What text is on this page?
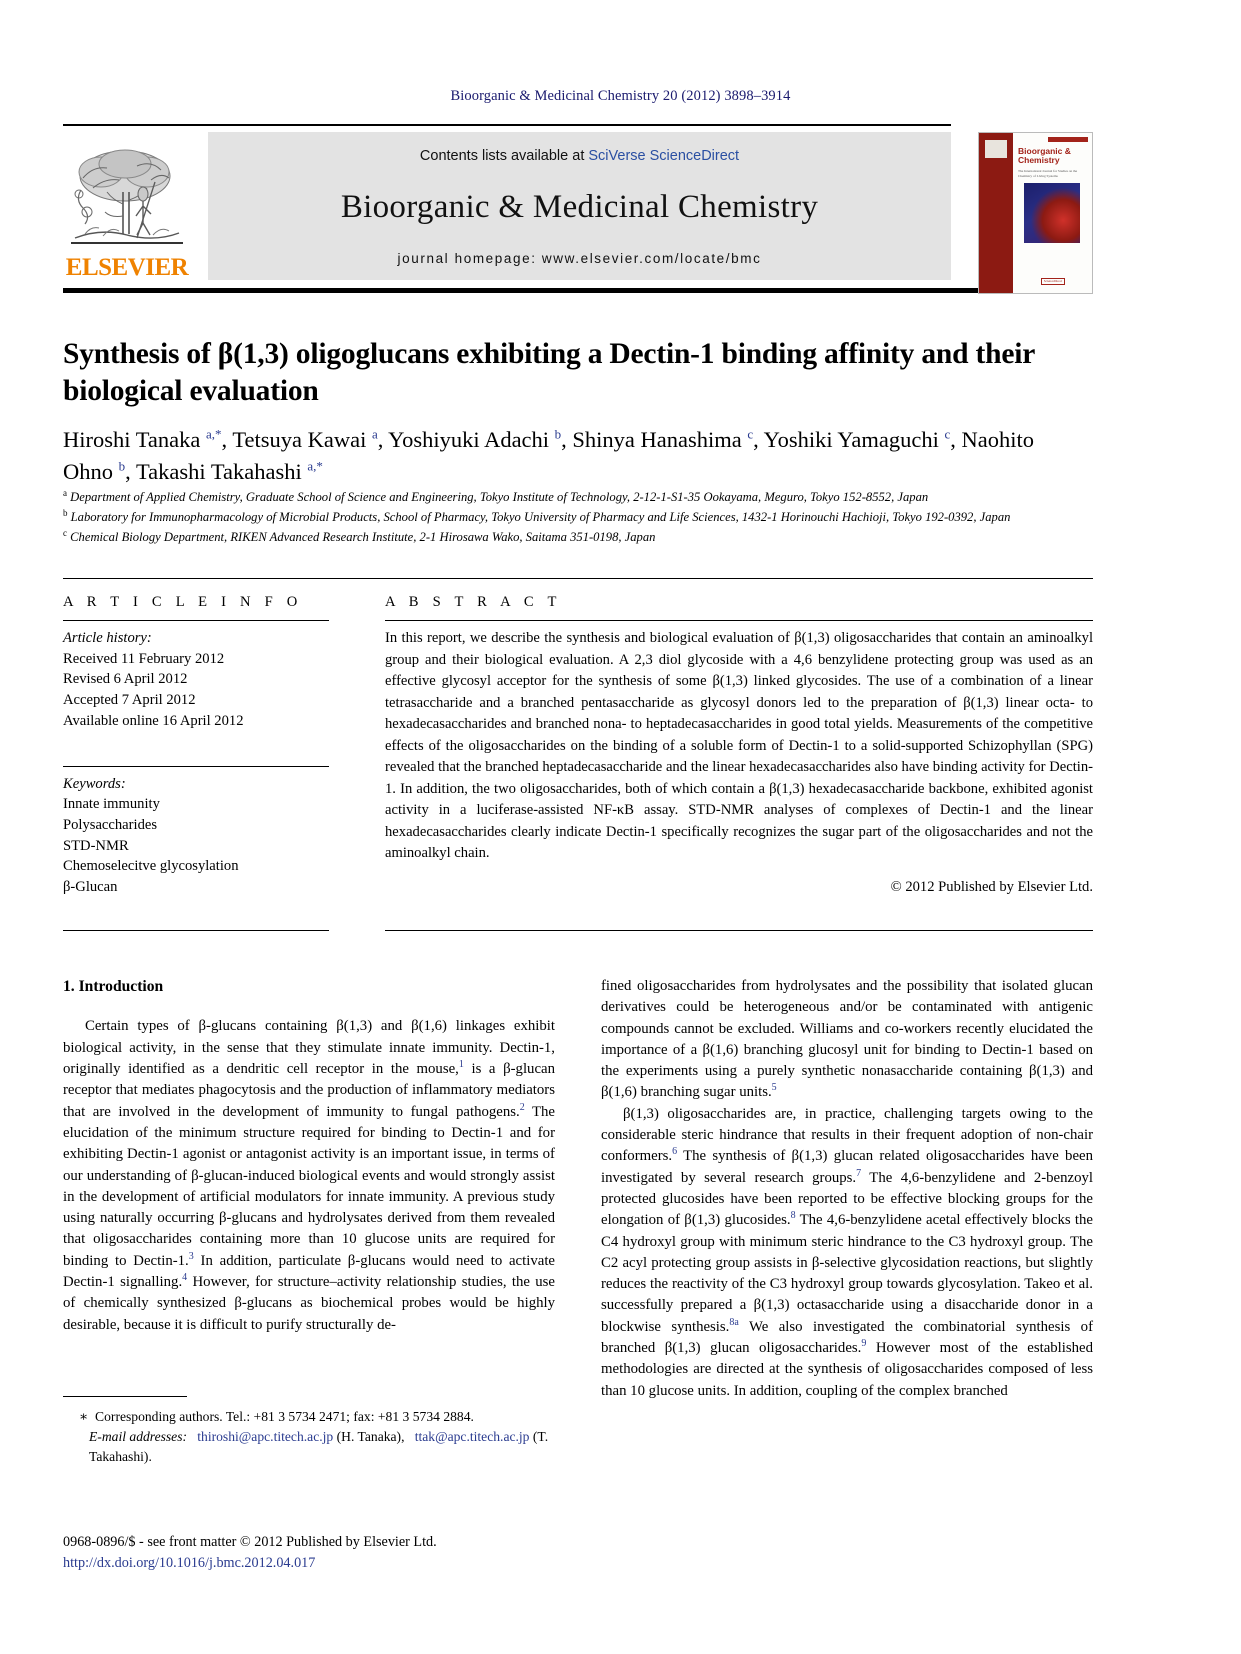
Bioorganic & Medicinal Chemistry 20 (2012) 3898–3914
ELSEVIER
Contents lists available at SciVerse ScienceDirect
Bioorganic & Medicinal Chemistry
journal homepage: www.elsevier.com/locate/bmc
Bioorganic &
Chemistry
The International Journal for Studies on the Chemistry of Living Systems
ScienceDirect
Synthesis of β(1,3) oligoglucans exhibiting a Dectin-1 binding affinity and their biological evaluation
Hiroshi Tanaka $^{a,*}$, Tetsuya Kawai $^a$, Yoshiyuki Adachi $^b$, Shinya Hanashima $^c$, Yoshiki Yamaguchi $^c$, Naohito Ohno $^b$, Takashi Takahashi $^{a,*}$
$^a$ Department of Applied Chemistry, Graduate School of Science and Engineering, Tokyo Institute of Technology, 2-12-1-S1-35 Ookayama, Meguro, Tokyo 152-8552, Japan
$^b$ Laboratory for Immunopharmacology of Microbial Products, School of Pharmacy, Tokyo University of Pharmacy and Life Sciences, 1432-1 Horinouchi Hachioji, Tokyo 192-0392, Japan
$^c$ Chemical Biology Department, RIKEN Advanced Research Institute, 2-1 Hirosawa Wako, Saitama 351-0198, Japan
A R T I C L E I N F O
Article history:
Received 11 February 2012
Revised 6 April 2012
Accepted 7 April 2012
Available online 16 April 2012
Keywords:
Innate immunity
Polysaccharides
STD-NMR
Chemoselecitve glycosylation
β-Glucan
A B S T R A C T
In this report, we describe the synthesis and biological evaluation of β(1,3) oligosaccharides that contain an aminoalkyl group and their biological evaluation. A 2,3 diol glycoside with a 4,6 benzylidene protecting group was used as an effective glycosyl acceptor for the synthesis of some β(1,3) linked glycosides. The use of a combination of a linear tetrasaccharide and a branched pentasaccharide as glycosyl donors led to the preparation of β(1,3) linear octa- to hexadecasaccharides and branched nona- to heptadecasaccharides in good total yields. Measurements of the competitive effects of the oligosaccharides on the binding of a soluble form of Dectin-1 to a solid-supported Schizophyllan (SPG) revealed that the branched heptadecasaccharide and the linear hexadecasaccharides also have binding activity for Dectin-1. In addition, the two oligosaccharides, both of which contain a β(1,3) hexadecasaccharide backbone, exhibited agonist activity in a luciferase-assisted NF-κB assay. STD-NMR analyses of complexes of Dectin-1 and the linear hexadecasaccharides clearly indicate Dectin-1 specifically recognizes the sugar part of the oligosaccharides and not the aminoalkyl chain.
© 2012 Published by Elsevier Ltd.
1. Introduction

Certain types of β-glucans containing β(1,3) and β(1,6) linkages exhibit biological activity, in the sense that they stimulate innate immunity. Dectin-1, originally identified as a dendritic cell receptor in the mouse,$^1$ is a β-glucan receptor that mediates phagocytosis and the production of inflammatory mediators that are involved in the development of immunity to fungal pathogens.$^2$ The elucidation of the minimum structure required for binding to Dectin-1 and for exhibiting Dectin-1 agonist or antagonist activity is an important issue, in terms of our understanding of β-glucan-induced biological events and would strongly assist in the development of artificial modulators for innate immunity. A previous study using naturally occurring β-glucans and hydrolysates derived from them revealed that oligosaccharides containing more than 10 glucose units are required for binding to Dectin-1.$^3$ In addition, particulate β-glucans would need to activate Dectin-1 signalling.$^4$ However, for structure–activity relationship studies, the use of chemically synthesized β-glucans as biochemical probes would be highly desirable, because it is difficult to purify structurally de-

fined oligosaccharides from hydrolysates and the possibility that isolated glucan derivatives could be heterogeneous and/or be contaminated with antigenic compounds cannot be excluded. Williams and co-workers recently elucidated the importance of a β(1,6) branching glucosyl unit for binding to Dectin-1 based on the experiments using a purely synthetic nonasaccharide containing β(1,3) and β(1,6) branching sugar units.$^5$

β(1,3) oligosaccharides are, in practice, challenging targets owing to the considerable steric hindrance that results in their frequent adoption of non-chair conformers.$^6$ The synthesis of β(1,3) glucan related oligosaccharides have been investigated by several research groups.$^7$ The 4,6-benzylidene and 2-benzoyl protected glucosides have been reported to be effective blocking groups for the elongation of β(1,3) glucosides.$^8$ The 4,6-benzylidene acetal effectively blocks the C4 hydroxyl group with minimum steric hindrance to the C3 hydroxyl group. The C2 acyl protecting group assists in β-selective glycosidation reactions, but slightly reduces the reactivity of the C3 hydroxyl group towards glycosylation. Takeo et al. successfully prepared a β(1,3) octasaccharide using a disaccharide donor in a blockwise synthesis.$^{8a}$ We also investigated the combinatorial synthesis of branched β(1,3) glucan oligosaccharides.$^9$ However most of the established methodologies are directed at the synthesis of oligosaccharides composed of less than 10 glucose units. In addition, coupling of the complex branched

∗ Corresponding authors. Tel.: +81 3 5734 2471; fax: +81 3 5734 2884.
E-mail addresses: thiroshi@apc.titech.ac.jp (H. Tanaka), ttak@apc.titech.ac.jp (T. Takahashi).
0968-0896/$ - see front matter © 2012 Published by Elsevier Ltd.
http://dx.doi.org/10.1016/j.bmc.2012.04.017
